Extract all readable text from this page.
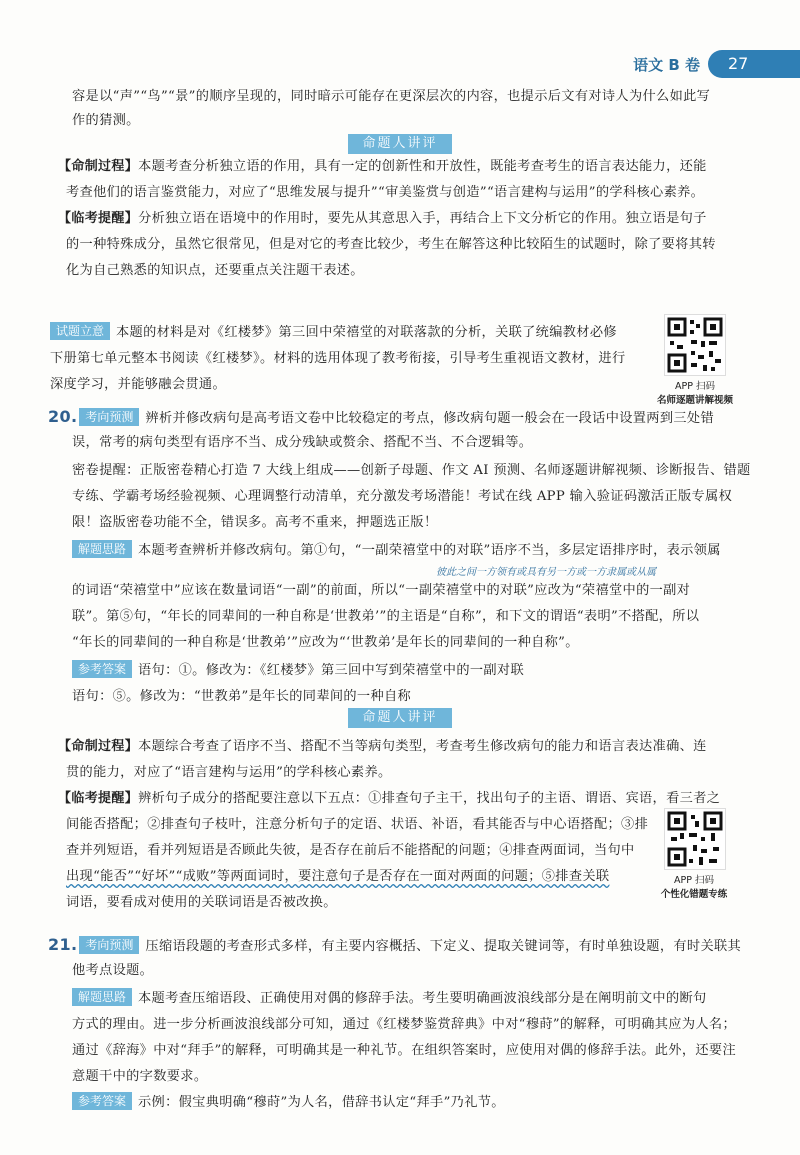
语文 B 卷	27
容是以“声”“鸟”“景”的顺序呈现的，同时暗示可能存在更深层次的内容，也提示后文有对诗人为什么如此写
作的猜测。
命题人讲评
【命制过程】本题考查分析独立语的作用，具有一定的创新性和开放性，既能考查考生的语言表达能力，还能
考查他们的语言鉴赏能力，对应了“思维发展与提升”“审美鉴赏与创造”“语言建构与运用”的学科核心素养。
【临考提醒】分析独立语在语境中的作用时，要先从其意思入手，再结合上下文分析它的作用。独立语是句子
的一种特殊成分，虽然它很常见，但是对它的考查比较少，考生在解答这种比较陌生的试题时，除了要将其转
化为自己熟悉的知识点，还要重点关注题干表述。
试题立意 本题的材料是对《红楼梦》第三回中荣禧堂的对联落款的分析，关联了统编教材必修
下册第七单元整本书阅读《红楼梦》。材料的选用体现了教考衔接，引导考生重视语文教材，进行
深度学习，并能够融会贯通。	APP 扫码
名师逐题讲解视频
20. 考向预测 辨析并修改病句是高考语文卷中比较稳定的考点，修改病句题一般会在一段话中设置两到三处错
误，常考的病句类型有语序不当、成分残缺或赘余、搭配不当、不合逻辑等。
密卷提醒：正版密卷精心打造 7 大线上组成——创新子母题、作文 AI 预测、名师逐题讲解视频、诊断报告、错题
专练、学霸考场经验视频、心理调整行动清单，充分激发考场潜能！考试在线 APP 输入验证码激活正版专属权
限！盗版密卷功能不全，错误多。高考不重来，押题选正版！
解题思路 本题考查辨析并修改病句。第①句，“一副荣禧堂中的对联”语序不当，多层定语排序时，表示领属
彼此之间一方领有或具有另一方或一方隶属或从属
的词语“荣禧堂中”应该在数量词语“一副”的前面，所以“一副荣禧堂中的对联”应改为“荣禧堂中的一副对
联”。第⑤句，“年长的同辈间的一种自称是‘世教弟’”的主语是“自称”，和下文的谓语“表明”不搭配，所以
“年长的同辈间的一种自称是‘世教弟’”应改为“‘世教弟’是年长的同辈间的一种自称”。
参考答案 语句：①。修改为：《红楼梦》第三回中写到荣禧堂中的一副对联
语句：⑤。修改为：“世教弟”是年长的同辈间的一种自称
命题人讲评
【命制过程】本题综合考查了语序不当、搭配不当等病句类型，考查考生修改病句的能力和语言表达准确、连
贯的能力，对应了“语言建构与运用”的学科核心素养。
【临考提醒】辨析句子成分的搭配要注意以下五点：①排查句子主干，找出句子的主语、谓语、宾语，看三者之
间能否搭配；②排查句子枝叶，注意分析句子的定语、状语、补语，看其能否与中心语搭配；③排
查并列短语，看并列短语是否顾此失彼，是否存在前后不能搭配的问题；④排查两面词，当句中
出现“能否”“好坏”“成败”等两面词时，要注意句子是否存在一面对两面的问题；⑤排查关联
词语，要看成对使用的关联词语是否被改换。
APP 扫码
个性化错题专练
21. 考向预测 压缩语段题的考查形式多样，有主要内容概括、下定义、提取关键词等，有时单独设题，有时关联其
他考点设题。
解题思路 本题考查压缩语段、正确使用对偶的修辞手法。考生要明确画波浪线部分是在阐明前文中的断句
方式的理由。进一步分析画波浪线部分可知，通过《红楼梦鉴赏辞典》中对“穆莳”的解释，可明确其应为人名；
通过《辞海》中对“拜手”的解释，可明确其是一种礼节。在组织答案时，应使用对偶的修辞手法。此外，还要注
意题干中的字数要求。
参考答案 示例：假宝典明确“穆莳”为人名，借辞书认定“拜手”乃礼节。
